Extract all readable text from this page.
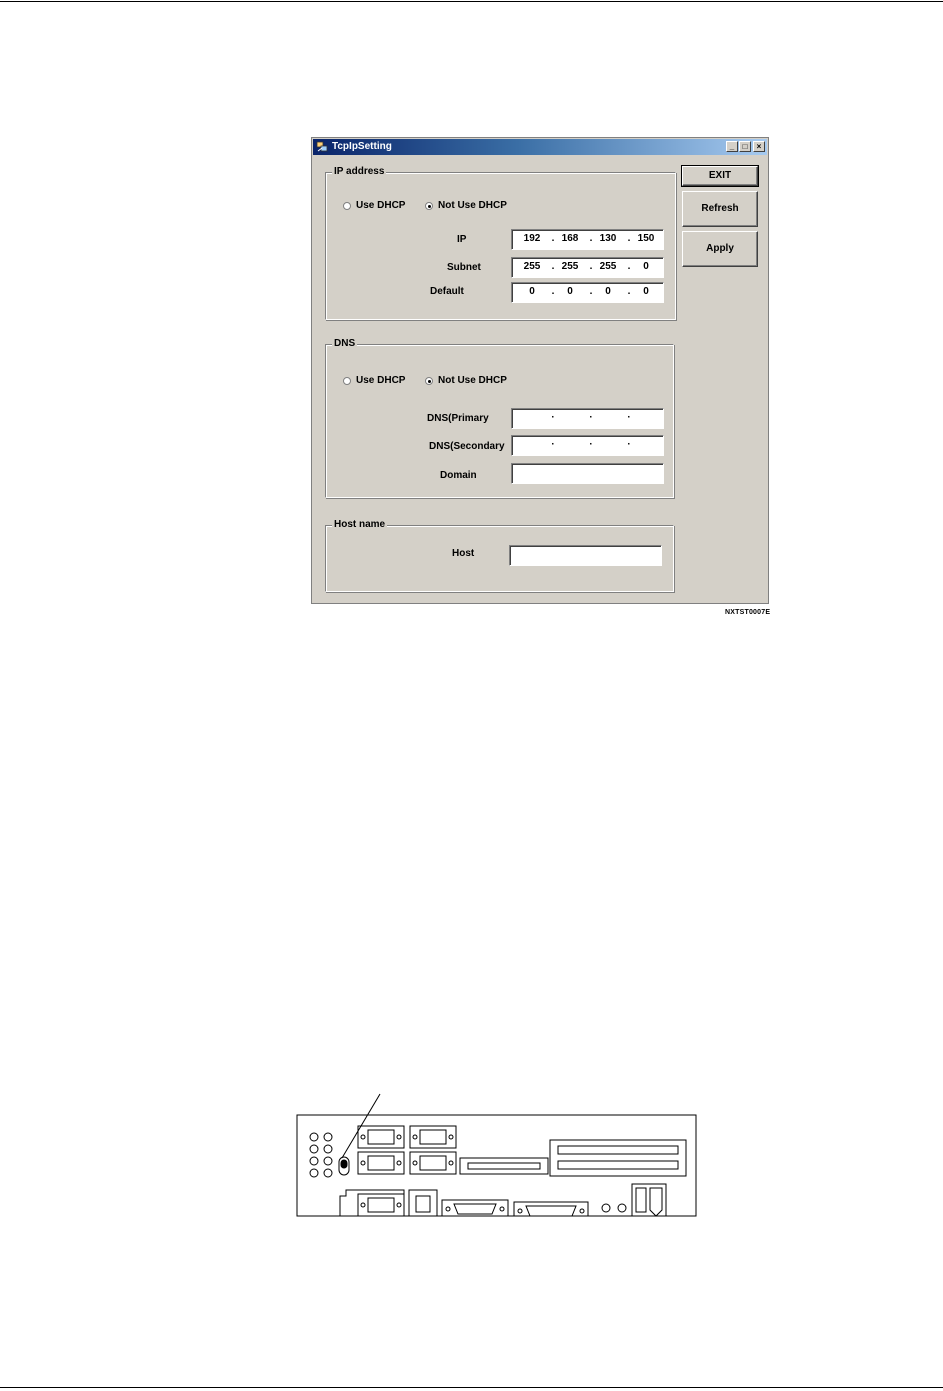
TcpIpSetting	_	□	×
IP address
Use DHCP	Not Use DHCP
IP	192	. 168	. 130	. 150
Subnet	255	. 255	. 255	.	0
Default	0	.	0	.	0	.	0
DNS
Use DHCP	Not Use DHCP
DNS(Primary	·	·	·
DNS(Secondary	·	·	·
Domain
Host name
Host
EXIT
Refresh
Apply
NXTST0007E
